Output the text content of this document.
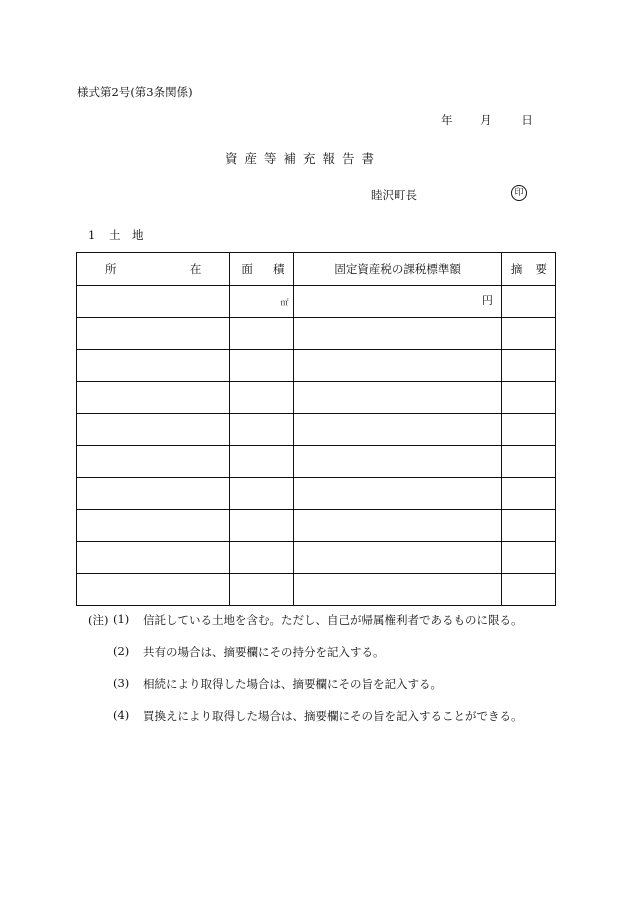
様式第2号(第3条関係)
年 月	日
資産等補充報告書
睦沢町長	印
1 土　地
所 在	面 積	固定資産税の課税標準額	摘 要

	$_㎡$	円	

(注) (1) 信託している土地を含む。ただし、自己が帰属権利者であるものに限る。
(2) 共有の場合は、摘要欄にその持分を記入する。
(3) 相続により取得した場合は、摘要欄にその旨を記入する。
(4) 買換えにより取得した場合は、摘要欄にその旨を記入することができる。
